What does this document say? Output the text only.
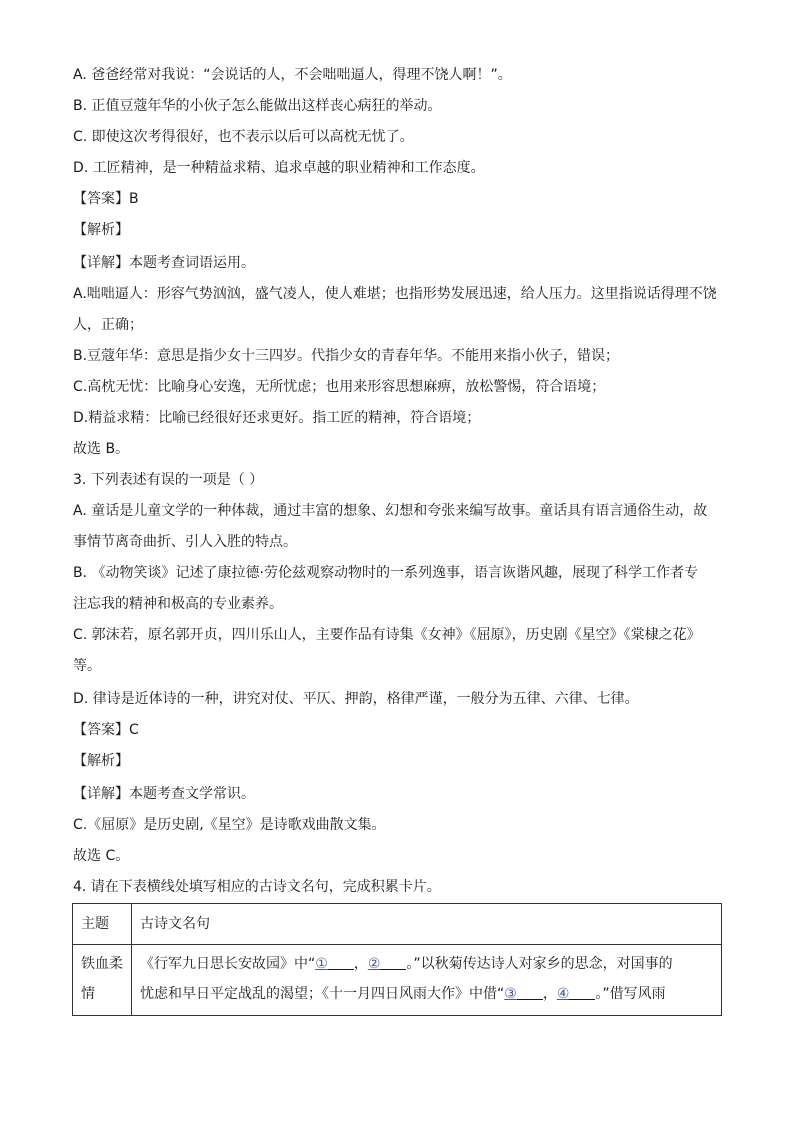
A. 爸爸经常对我说：“会说话的人，不会咄咄逼人，得理不饶人啊！”。
B. 正值豆蔻年华的小伙子怎么能做出这样丧心病狂的举动。
C. 即使这次考得很好，也不表示以后可以高枕无忧了。
D. 工匠精神，是一种精益求精、追求卓越的职业精神和工作态度。
【答案】B
【解析】
【详解】本题考查词语运用。
A.咄咄逼人：形容气势汹汹，盛气凌人，使人难堪；也指形势发展迅速，给人压力。这里指说话得理不饶
人，正确；
B.豆蔻年华：意思是指少女十三四岁。代指少女的青春年华。不能用来指小伙子，错误；
C.高枕无忧：比喻身心安逸，无所忧虑；也用来形容思想麻痹，放松警惕，符合语境；
D.精益求精：比喻已经很好还求更好。指工匠的精神，符合语境；
故选 B。
3. 下列表述有误的一项是（ ）
A. 童话是儿童文学的一种体裁，通过丰富的想象、幻想和夸张来编写故事。童话具有语言通俗生动，故
事情节离奇曲折、引人入胜的特点。
B. 《动物笑谈》记述了康拉德·劳伦兹观察动物时的一系列逸事，语言诙谐风趣，展现了科学工作者专
注忘我的精神和极高的专业素养。
C. 郭沫若，原名郭开贞，四川乐山人，主要作品有诗集《女神》《屈原》，历史剧《星空》《棠棣之花》
等。
D. 律诗是近体诗的一种，讲究对仗、平仄、押韵，格律严谨，一般分为五律、六律、七律。
【答案】C
【解析】
【详解】本题考查文学常识。
C.《屈原》是历史剧,《星空》是诗歌戏曲散文集。
故选 C。
4. 请在下表横线处填写相应的古诗文名句，完成积累卡片。
主题	古诗文名句

铁血柔情	《行军九日思长安故园》中“① ，② 。”以秋菊传达诗人对家乡的思念，对国事的
忧虑和早日平定战乱的渴望；《十一月四日风雨大作》中借“③ ，④ 。”借写风雨
